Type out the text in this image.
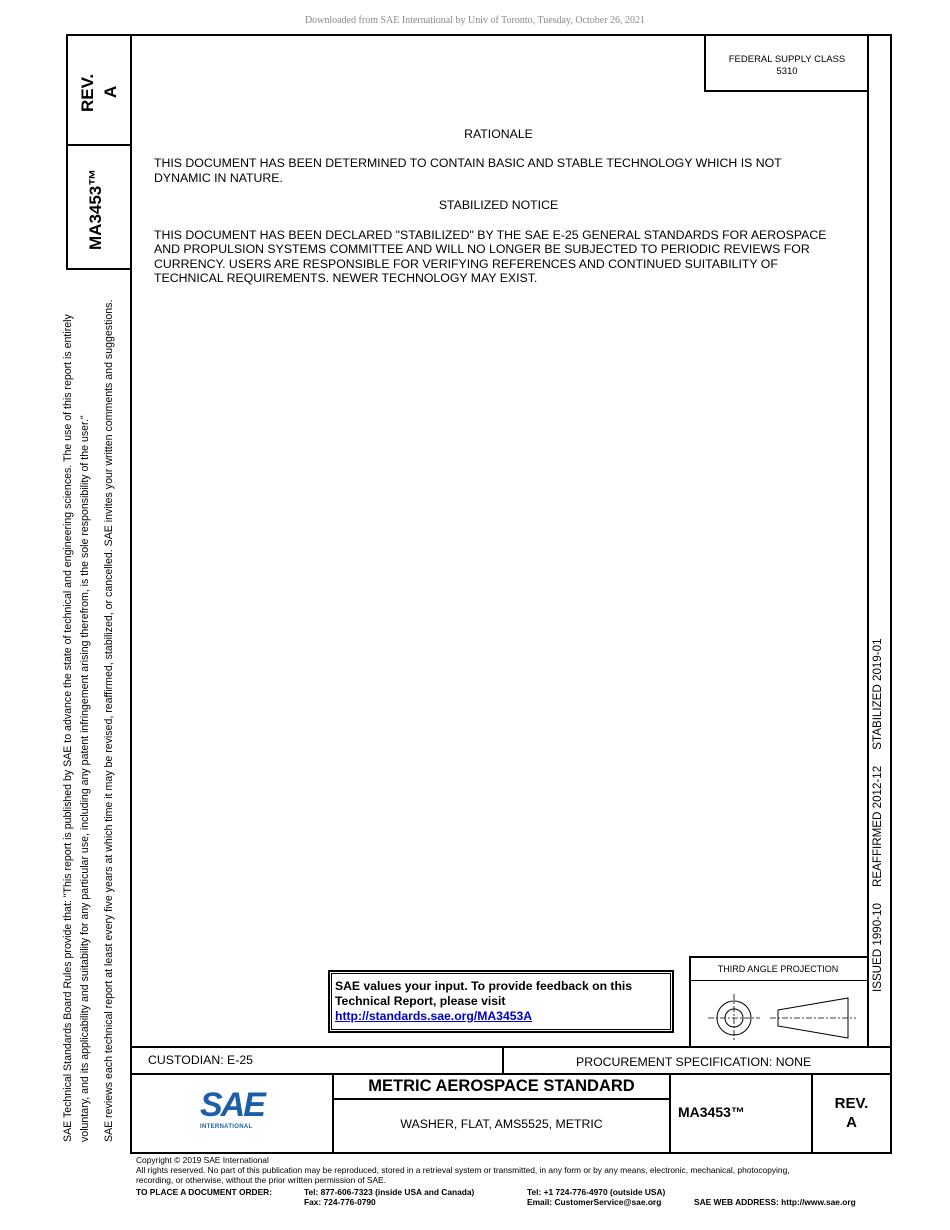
Downloaded from SAE International by Univ of Toronto, Tuesday, October 26, 2021
REV. A
MA3453™
SAE Technical Standards Board Rules provide that: "This report is published by SAE to advance the state of technical and engineering sciences. The use of this report is entirely voluntary, and its applicability and suitability for any particular use, including any patent infringement arising therefrom, is the sole responsibility of the user." SAE reviews each technical report at least every five years at which time it may be revised, reaffirmed, stabilized, or cancelled. SAE invites your written comments and suggestions.
FEDERAL SUPPLY CLASS
5310
RATIONALE
THIS DOCUMENT HAS BEEN DETERMINED TO CONTAIN BASIC AND STABLE TECHNOLOGY WHICH IS NOT
DYNAMIC IN NATURE.
STABILIZED NOTICE
THIS DOCUMENT HAS BEEN DECLARED "STABILIZED" BY THE SAE E-25 GENERAL STANDARDS FOR AEROSPACE
AND PROPULSION SYSTEMS COMMITTEE AND WILL NO LONGER BE SUBJECTED TO PERIODIC REVIEWS FOR
CURRENCY. USERS ARE RESPONSIBLE FOR VERIFYING REFERENCES AND CONTINUED SUITABILITY OF
TECHNICAL REQUIREMENTS. NEWER TECHNOLOGY MAY EXIST.
ISSUED 1990-10     REAFFIRMED 2012-12     STABILIZED 2019-01
SAE values your input. To provide feedback on this
Technical Report, please visit
http://standards.sae.org/MA3453A
THIRD ANGLE PROJECTION
CUSTODIAN: E-25	PROCUREMENT SPECIFICATION: NONE
SAE
INTERNATIONAL
METRIC AEROSPACE STANDARD
WASHER, FLAT, AMS5525, METRIC
MA3453™	REV.
A
Copyright © 2019 SAE International
All rights reserved. No part of this publication may be reproduced, stored in a retrieval system or transmitted, in any form or by any means, electronic, mechanical, photocopying,
recording, or otherwise, without the prior written permission of SAE.
TO PLACE A DOCUMENT ORDER:	Tel: 877-606-7323 (inside USA and Canada)
Fax: 724-776-0790
Tel: +1 724-776-4970 (outside USA)
Email: CustomerService@sae.org	SAE WEB ADDRESS: http://www.sae.org
